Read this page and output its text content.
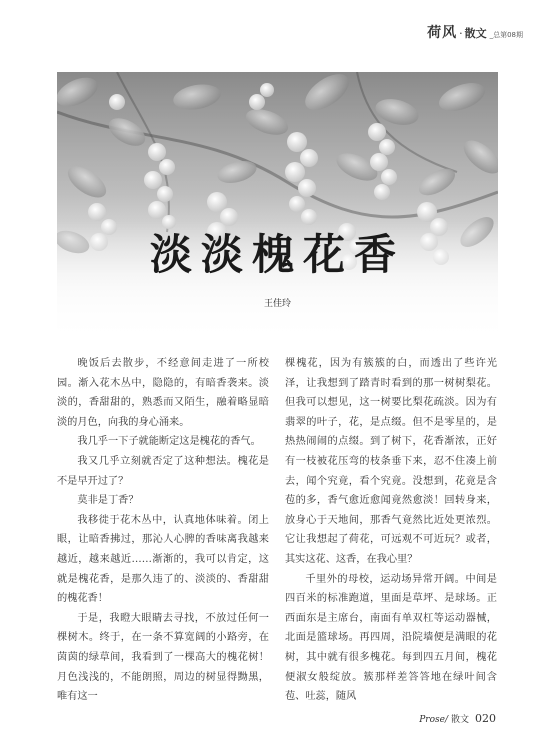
荷风 · 散文 _总第08期
淡淡槐花香
王佳玲

晚饭后去散步，不经意间走进了一所校园。渐入花木丛中，隐隐的，有暗香袭来。淡淡的，香甜甜的，熟悉而又陌生，融着略显暗淡的月色，向我的身心涌来。

我几乎一下子就能断定这是槐花的香气。

我又几乎立刻就否定了这种想法。槐花是不是早开过了？

莫非是丁香？

我移徙于花木丛中，认真地体味着。闭上眼，让暗香拂过，那沁人心脾的香味离我越来越近，越来越近……渐渐的，我可以肯定，这就是槐花香，是那久违了的、淡淡的、香甜甜的槐花香！

于是，我瞪大眼睛去寻找，不放过任何一棵树木。终于，在一条不算宽阔的小路旁，在茵茵的绿草间，我看到了一棵高大的槐花树！月色浅浅的，不能朗照，周边的树显得黝黑，唯有这一

棵槐花，因为有簇簇的白，而透出了些许光泽，让我想到了踏青时看到的那一树树梨花。但我可以想见，这一树要比梨花疏淡。因为有翡翠的叶子，花，是点缀。但不是零星的，是热热闹闹的点缀。到了树下，花香渐浓，正好有一枝被花压弯的枝条垂下来，忍不住凑上前去，闻个究竟，看个究竟。没想到，花竟是含苞的多，香气愈近愈闻竟然愈淡！回转身来，放身心于天地间，那香气竟然比近处更浓烈。它让我想起了荷花，可远观不可近玩？或者，其实这花、这香，在我心里？

千里外的母校，运动场异常开阔。中间是四百米的标准跑道，里面是草坪、是球场。正西面东是主席台，南面有单双杠等运动器械，北面是篮球场。再四周，沿院墙便是满眼的花树，其中就有很多槐花。每到四五月间，槐花便淑女般绽放。簇那样差答答地在绿叶间含苞、吐蕊，随风

Prose/ 散文 020
